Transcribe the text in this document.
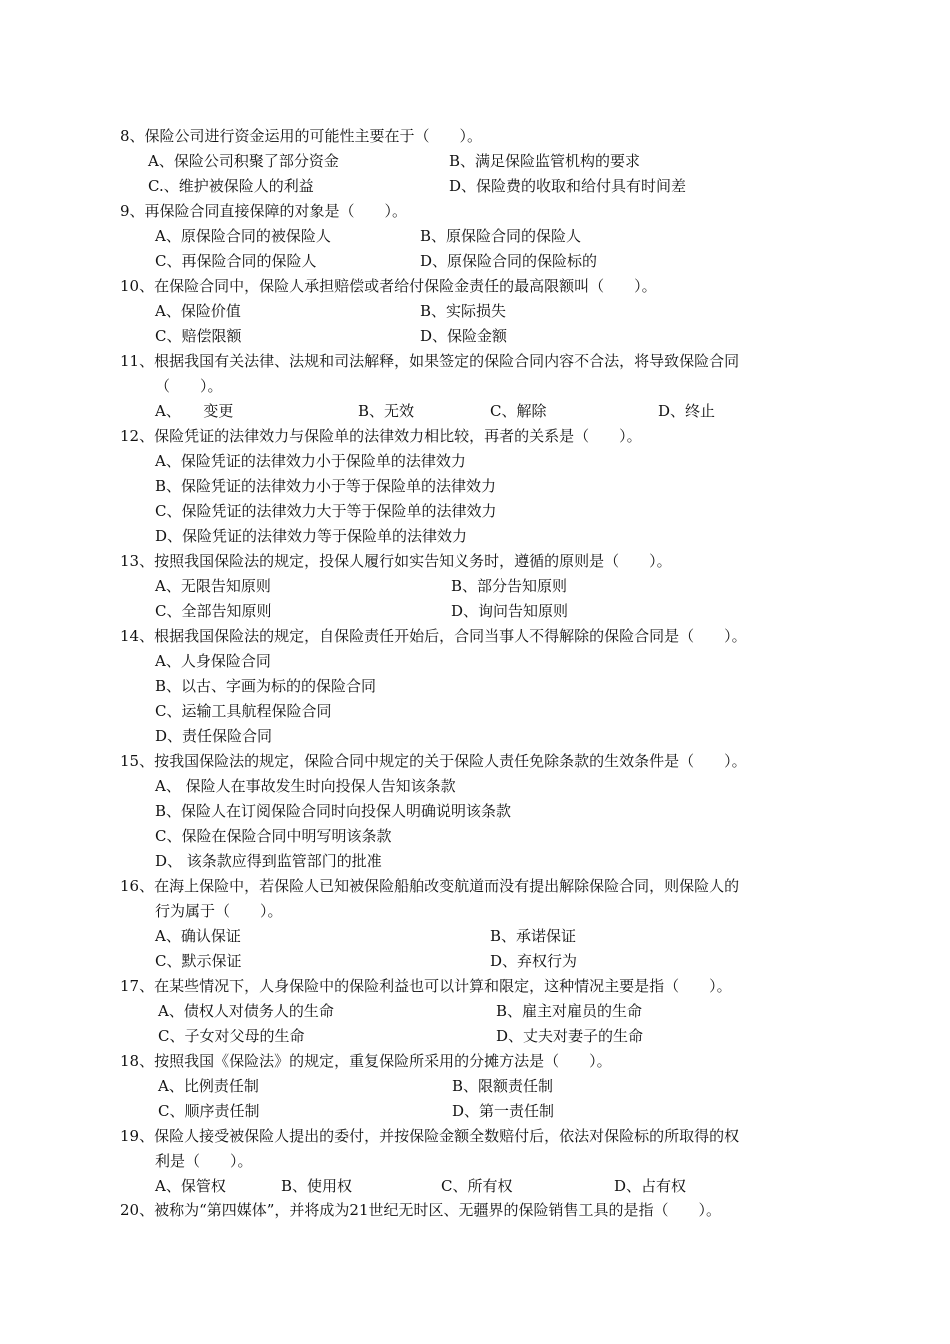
8、保险公司进行资金运用的可能性主要在于（　　）。
A、保险公司积聚了部分资金	B、满足保险监管机构的要求
C.、维护被保险人的利益	D、保险费的收取和给付具有时间差
9、再保险合同直接保障的对象是（　　）。
A、原保险合同的被保险人	B、原保险合同的保险人
C、再保险合同的保险人	D、原保险合同的保险标的
10、在保险合同中，保险人承担赔偿或者给付保险金责任的最高限额叫（　　）。
A、保险价值	B、实际损失
C、赔偿限额	D、保险金额
11、根据我国有关法律、法规和司法解释，如果签定的保险合同内容不合法，将导致保险合同
（　　）。
A、　　变更	B、无效	C、解除	D、终止
12、保险凭证的法律效力与保险单的法律效力相比较，再者的关系是（　　）。
A、保险凭证的法律效力小于保险单的法律效力
B、保险凭证的法律效力小于等于保险单的法律效力
C、保险凭证的法律效力大于等于保险单的法律效力
D、保险凭证的法律效力等于保险单的法律效力
13、按照我国保险法的规定，投保人履行如实告知义务时，遵循的原则是（　　）。
A、无限告知原则	B、部分告知原则
C、全部告知原则	D、询问告知原则
14、根据我国保险法的规定，自保险责任开始后，合同当事人不得解除的保险合同是（　　）。
A、人身保险合同
B、以古、字画为标的的保险合同
C、运输工具航程保险合同
D、责任保险合同
15、按我国保险法的规定，保险合同中规定的关于保险人责任免除条款的生效条件是（　　）。
A、 保险人在事故发生时向投保人告知该条款
B、保险人在订阅保险合同时向投保人明确说明该条款
C、保险在保险合同中明写明该条款
D、 该条款应得到监管部门的批准
16、在海上保险中，若保险人已知被保险船舶改变航道而没有提出解除保险合同，则保险人的
行为属于（　　）。
A、确认保证	B、承诺保证
C、默示保证	D、弃权行为
17、在某些情况下，人身保险中的保险利益也可以计算和限定，这种情况主要是指（　　）。
A、债权人对债务人的生命	B、雇主对雇员的生命
C、子女对父母的生命	D、丈夫对妻子的生命
18、按照我国《保险法》的规定，重复保险所采用的分摊方法是（　　）。
A、比例责任制	B、限额责任制
C、顺序责任制	D、第一责任制
19、保险人接受被保险人提出的委付，并按保险金额全数赔付后，依法对保险标的所取得的权
利是（　　）。
A、保管权	B、使用权	C、所有权	D、占有权
20、被称为“第四媒体”，并将成为21世纪无时区、无疆界的保险销售工具的是指（　　）。
